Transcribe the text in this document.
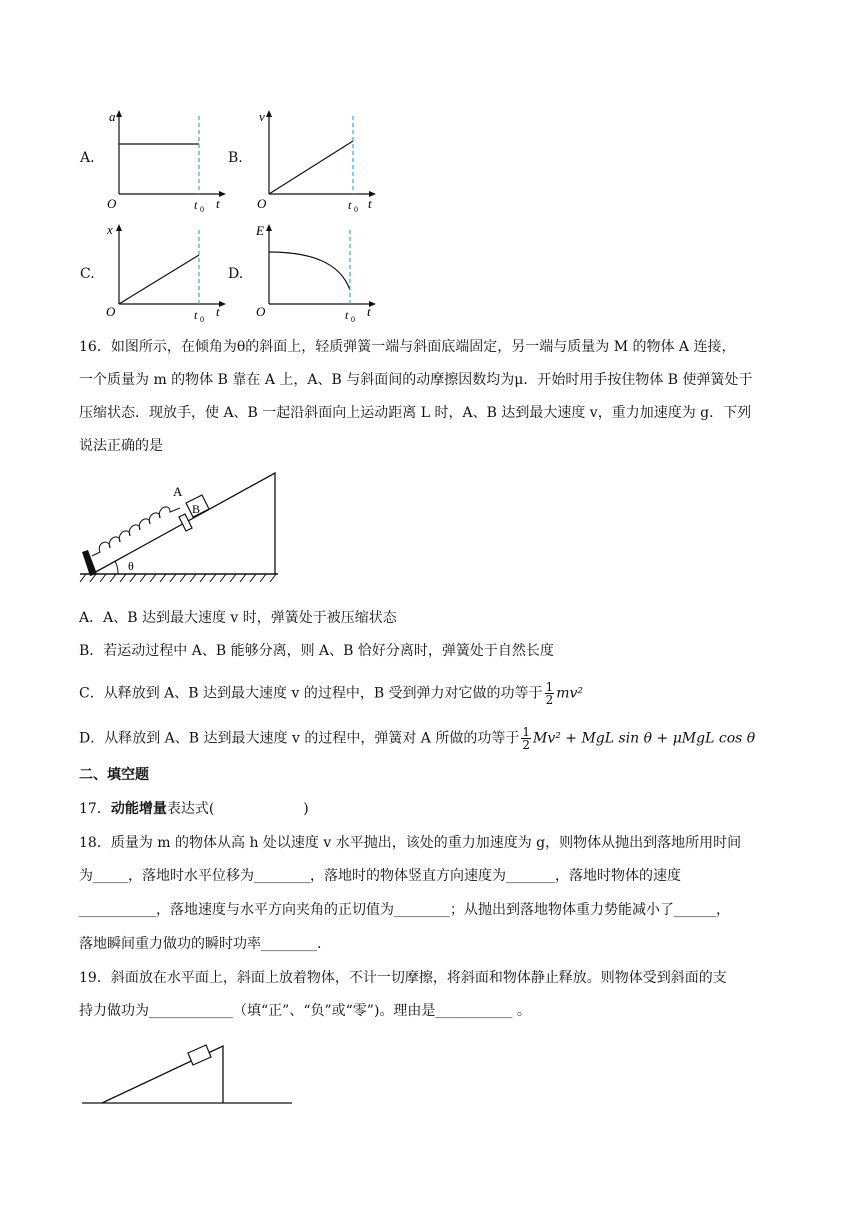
A.
a
O	t 0 t
B.
v
O	t 0 t
C.
x
O	t 0
t
D.
E
O	t 0
t
16．如图所示，在倾角为θ的斜面上，轻质弹簧一端与斜面底端固定，另一端与质量为 M 的物体 A 连接，
一个质量为 m 的物体 B 靠在 A 上，A、B 与斜面间的动摩擦因数均为μ．开始时用手按住物体 B 使弹簧处于
压缩状态．现放手，使 A、B 一起沿斜面向上运动距离 L 时，A、B 达到最大速度 v，重力加速度为 g．下列
说法正确的是
A
B
θ
A．A、B 达到最大速度 v 时，弹簧处于被压缩状态
B．若运动过程中 A、B 能够分离，则 A、B 恰好分离时，弹簧处于自然长度
C．从释放到 A、B 达到最大速度 v 的过程中，B 受到弹力对它做的功等于 $\frac{1}{2} mv^2$
D．从释放到 A、B 达到最大速度 v 的过程中，弹簧对 A 所做的功等于 $\frac{1}{2} Mv^2$ + MgL sin θ + μMgL cos θ
二、填空题
17．动能增量表达式(                    )
18．质量为 m 的物体从高 h 处以速度 v 水平抛出，该处的重力加速度为 g，则物体从抛出到落地所用时间
为_____，落地时水平位移为________，落地时的物体竖直方向速度为_______，落地时物体的速度
___________，落地速度与水平方向夹角的正切值为________；从抛出到落地物体重力势能减小了______，
落地瞬间重力做功的瞬时功率________.
19．斜面放在水平面上，斜面上放着物体，不计一切摩擦，将斜面和物体静止释放。则物体受到斜面的支
持力做功为____________（填“正”、“负”或“零”)。理由是___________ 。
